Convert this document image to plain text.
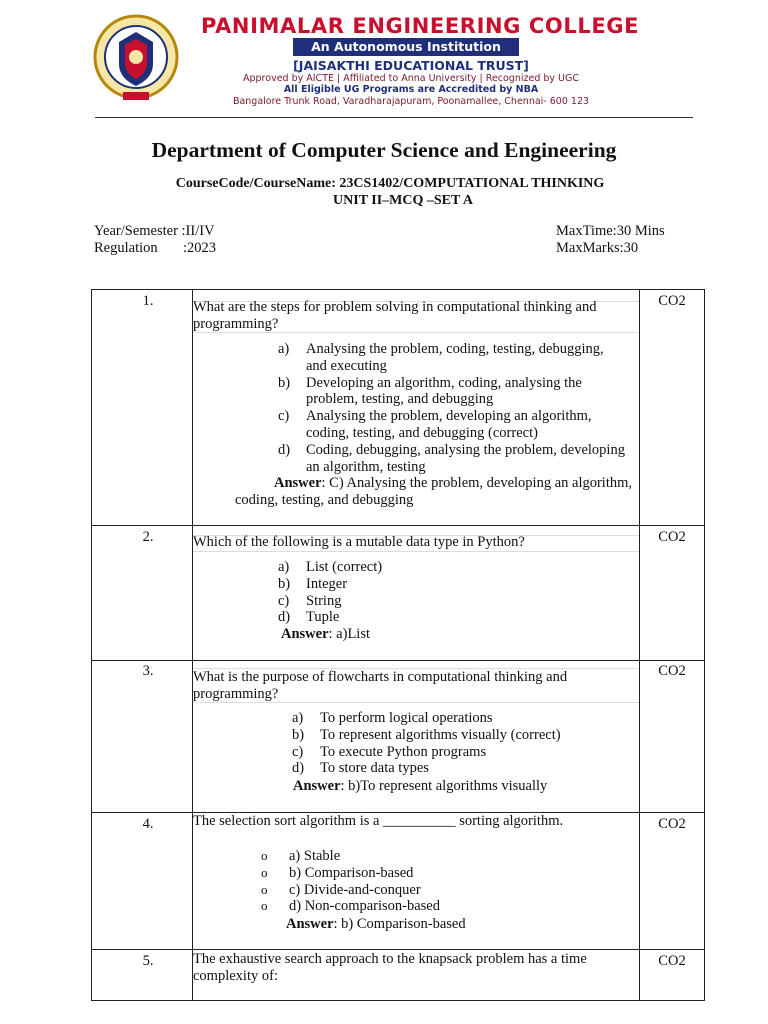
PANIMALAR ENGINEERING COLLEGE
An Autonomous Institution
[JAISAKTHI EDUCATIONAL TRUST]
Approved by AICTE | Affiliated to Anna University | Recognized by UGC
All Eligible UG Programs are Accredited by NBA
Bangalore Trunk Road, Varadharajapuram, Poonamallee, Chennai- 600 123
Department of Computer Science and Engineering
CourseCode/CourseName: 23CS1402/COMPUTATIONAL THINKING
UNIT II–MCQ –SET A
Year/Semester :II/IV
Regulation       :2023
MaxTime:30 Mins
MaxMarks:30
1.	What are the steps for problem solving in computational thinking and programming?
a) Analysing the problem, coding, testing, debugging, and executing
b) Developing an algorithm, coding, analysing the problem, testing, and debugging
c) Analysing the problem, developing an algorithm, coding, testing, and debugging (correct)
d) Coding, debugging, analysing the problem, developing an algorithm, testing
Answer: C) Analysing the problem, developing an algorithm, coding, testing, and debugging
CO2
2.	Which of the following is a mutable data type in Python?
a) List (correct)
b) Integer
c) String
d) Tuple
Answer: a)List
CO2
3.	What is the purpose of flowcharts in computational thinking and programming?
a) To perform logical operations
b) To represent algorithms visually (correct)
c) To execute Python programs
d) To store data types
Answer: b)To represent algorithms visually
CO2
4.	The selection sort algorithm is a __________ sorting algorithm.
o a) Stable
o b) Comparison-based
o c) Divide-and-conquer
o d) Non-comparison-based
Answer: b) Comparison-based
CO2
5.	The exhaustive search approach to the knapsack problem has a time complexity of:
CO2
